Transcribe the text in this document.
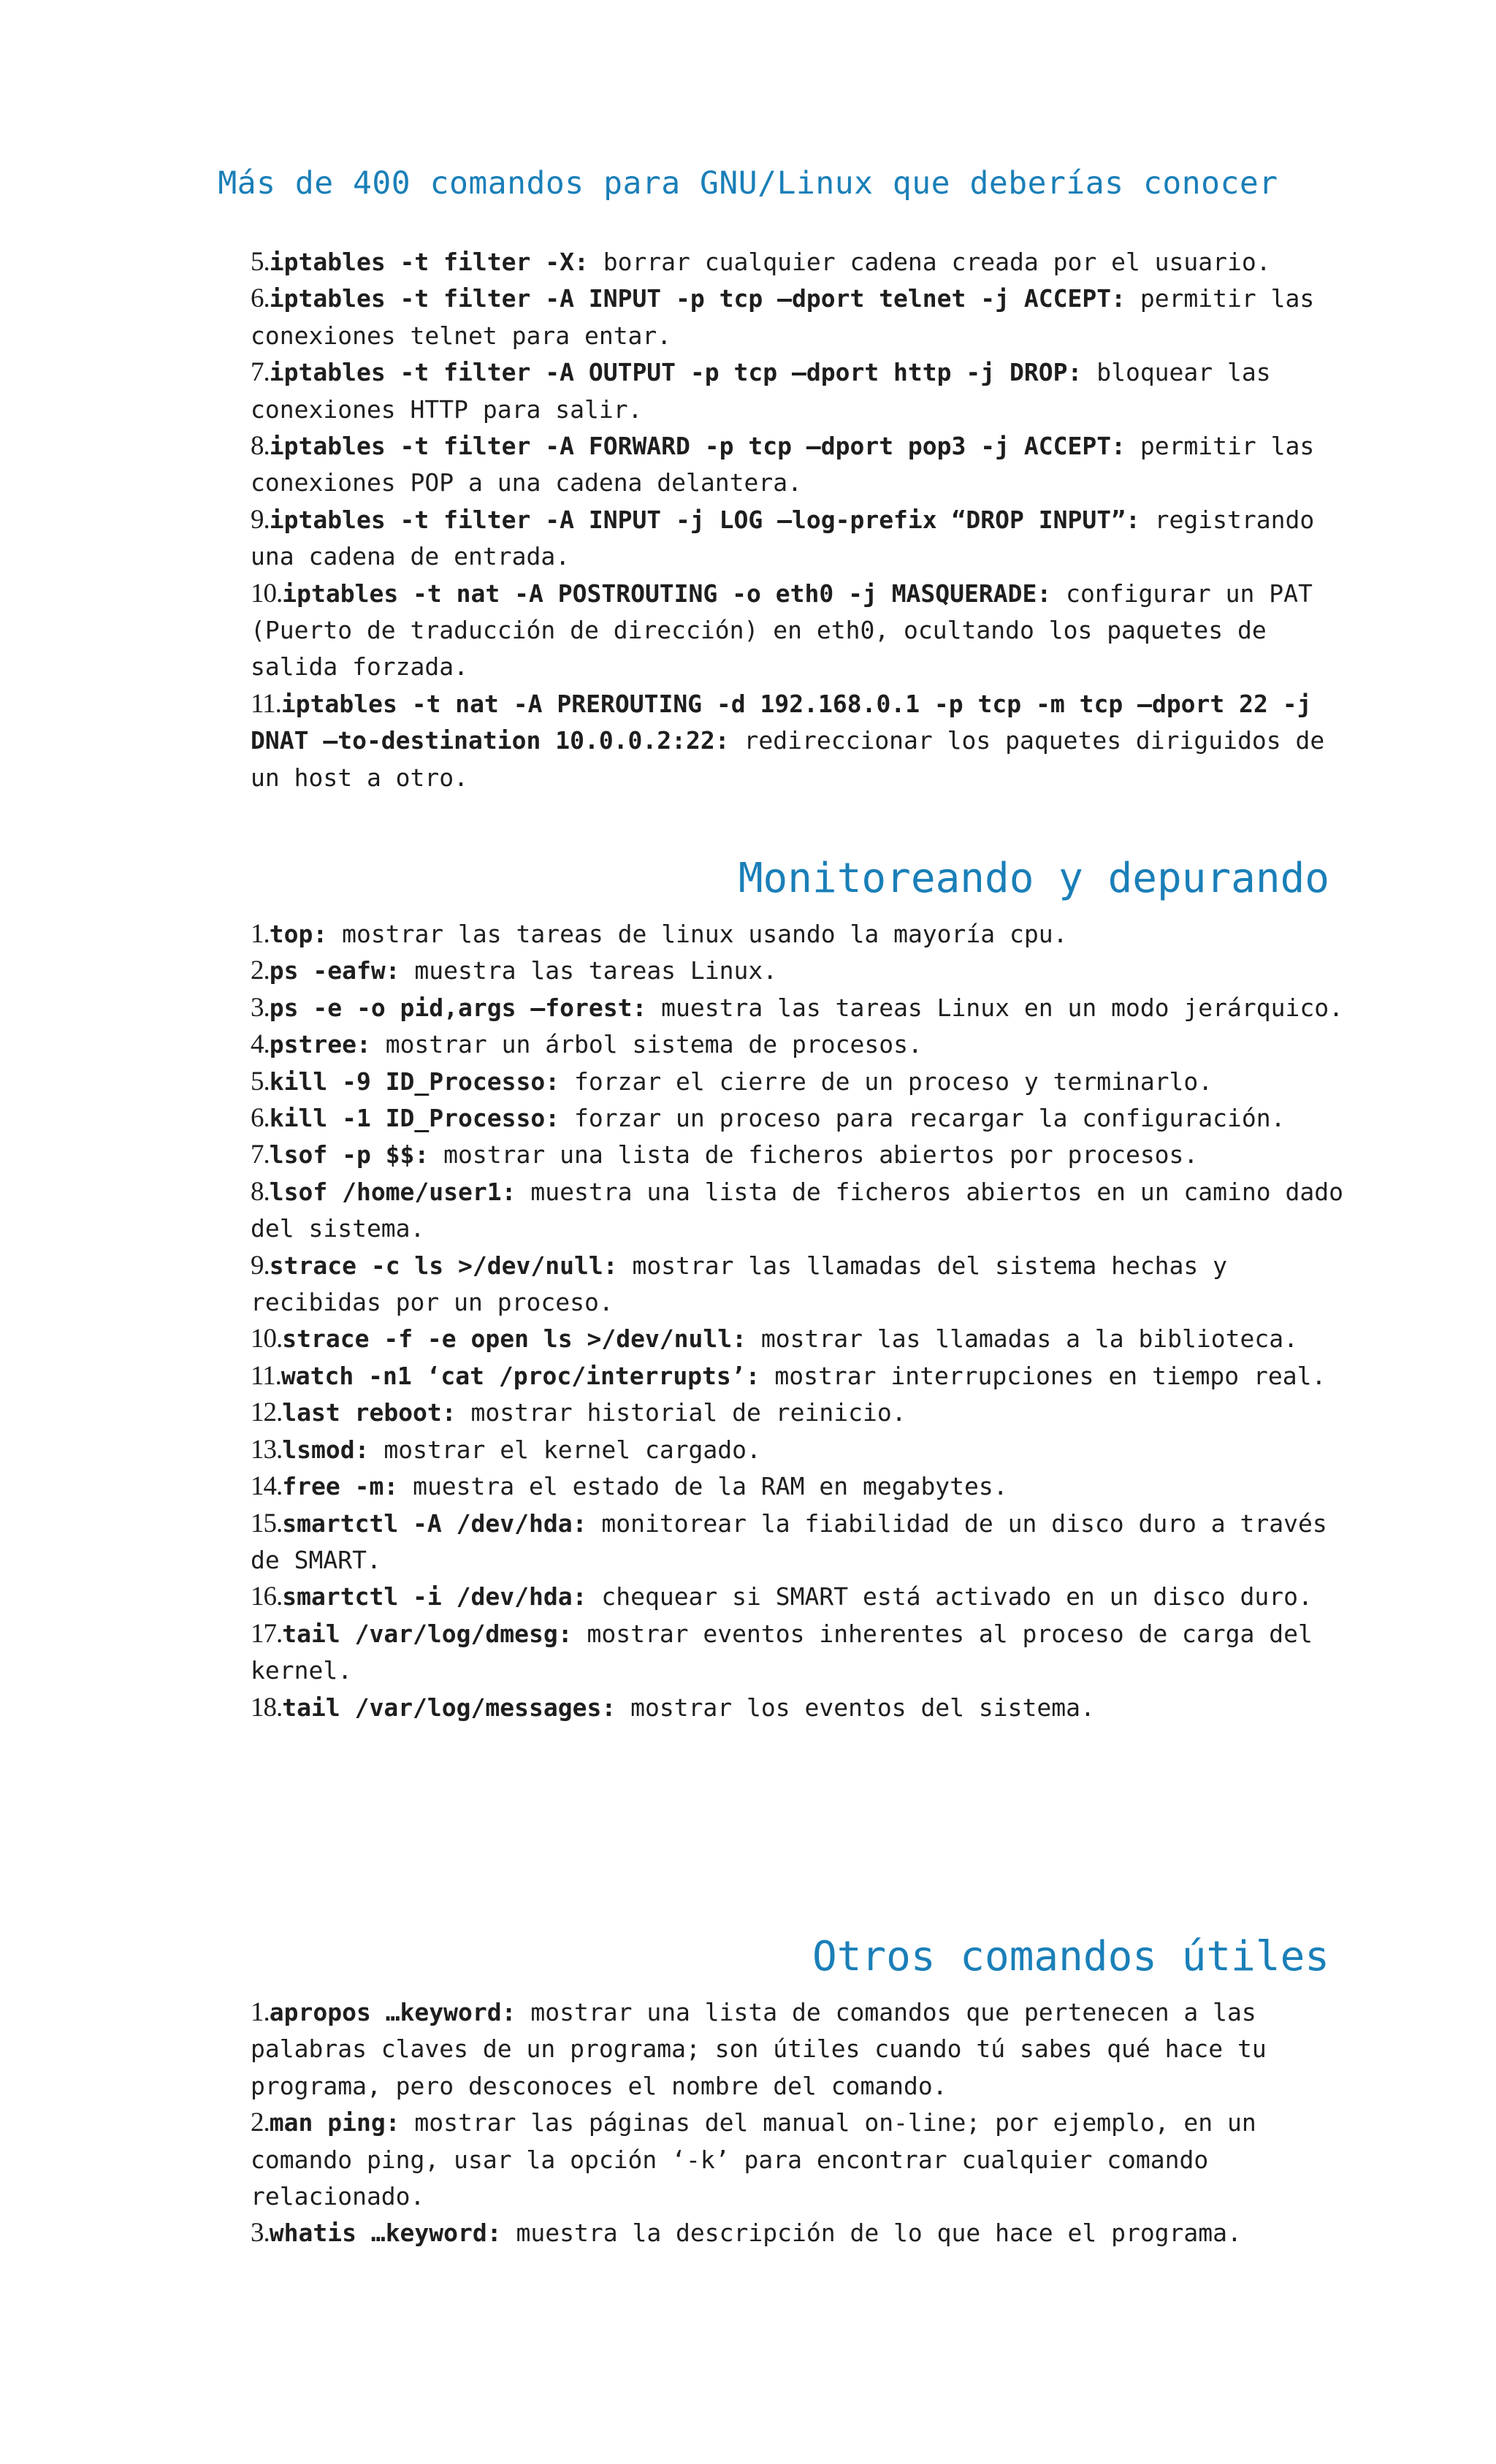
Más de 400 comandos para GNU/Linux que deberías conocer

5.iptables -t filter -X: borrar cualquier cadena creada por el usuario.

6.iptables -t filter -A INPUT -p tcp –dport telnet -j ACCEPT: permitir las conexiones telnet para entar.

7.iptables -t filter -A OUTPUT -p tcp –dport http -j DROP: bloquear las conexiones HTTP para salir.

8.iptables -t filter -A FORWARD -p tcp –dport pop3 -j ACCEPT: permitir las conexiones POP a una cadena delantera.

9.iptables -t filter -A INPUT -j LOG –log-prefix “DROP INPUT”: registrando una cadena de entrada.

10.iptables -t nat -A POSTROUTING -o eth0 -j MASQUERADE: configurar un PAT (Puerto de traducción de dirección) en eth0, ocultando los paquetes de salida forzada.

11.iptables -t nat -A PREROUTING -d 192.168.0.1 -p tcp -m tcp –dport 22 -j DNAT –to-destination 10.0.0.2:22: redireccionar los paquetes diriguidos de un host a otro.

Monitoreando y depurando

1.top: mostrar las tareas de linux usando la mayoría cpu.

2.ps -eafw: muestra las tareas Linux.

3.ps -e -o pid,args –forest: muestra las tareas Linux en un modo jerárquico.

4.pstree: mostrar un árbol sistema de procesos.

5.kill -9 ID_Processo: forzar el cierre de un proceso y terminarlo.

6.kill -1 ID_Processo: forzar un proceso para recargar la configuración.

7.lsof -p $$: mostrar una lista de ficheros abiertos por procesos.

8.lsof /home/user1: muestra una lista de ficheros abiertos en un camino dado del sistema.

9.strace -c ls >/dev/null: mostrar las llamadas del sistema hechas y recibidas por un proceso.

10.strace -f -e open ls >/dev/null: mostrar las llamadas a la biblioteca.

11.watch -n1 ‘cat /proc/interrupts’: mostrar interrupciones en tiempo real.

12.last reboot: mostrar historial de reinicio.

13.lsmod: mostrar el kernel cargado.

14.free -m: muestra el estado de la RAM en megabytes.

15.smartctl -A /dev/hda: monitorear la fiabilidad de un disco duro a través de SMART.

16.smartctl -i /dev/hda: chequear si SMART está activado en un disco duro.

17.tail /var/log/dmesg: mostrar eventos inherentes al proceso de carga del kernel.

18.tail /var/log/messages: mostrar los eventos del sistema.

Otros comandos útiles

1.apropos …keyword: mostrar una lista de comandos que pertenecen a las palabras claves de un programa; son útiles cuando tú sabes qué hace tu programa, pero desconoces el nombre del comando.

2.man ping: mostrar las páginas del manual on-line; por ejemplo, en un comando ping, usar la opción ‘-k’ para encontrar cualquier comando relacionado.

3.whatis …keyword: muestra la descripción de lo que hace el programa.
